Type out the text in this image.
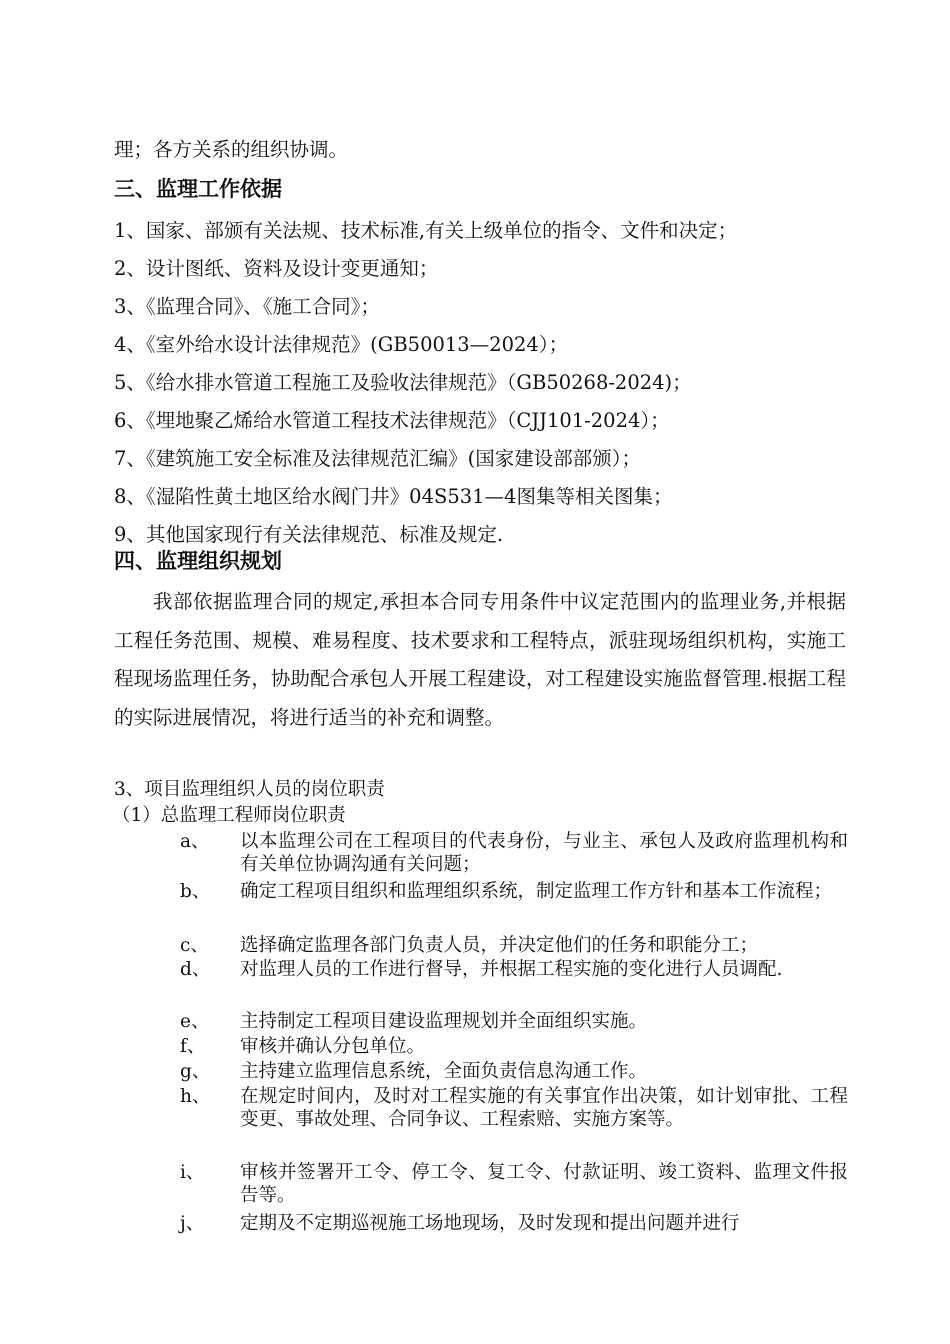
理；各方关系的组织协调。
三、监理工作依据
1、国家、部颁有关法规、技术标准,有关上级单位的指令、文件和决定；
2、设计图纸、资料及设计变更通知；
3、《监理合同》、《施工合同》；
4、《室外给水设计法律规范》(GB50013—2024）；
5、《给水排水管道工程施工及验收法律规范》（GB50268-2024)；
6、《埋地聚乙烯给水管道工程技术法律规范》（CJJ101-2024）；
7、《建筑施工安全标准及法律规范汇编》(国家建设部部颁）；
8、《湿陷性黄土地区给水阀门井》04S531—4图集等相关图集；
9、其他国家现行有关法律规范、标准及规定.
四、监理组织规划
我部依据监理合同的规定,承担本合同专用条件中议定范围内的监理业务,并根据工程任务范围、规模、难易程度、技术要求和工程特点，派驻现场组织机构，实施工程现场监理任务，协助配合承包人开展工程建设，对工程建设实施监督管理.根据工程的实际进展情况，将进行适当的补充和调整。
3、项目监理组织人员的岗位职责
（1）总监理工程师岗位职责
a、 以本监理公司在工程项目的代表身份，与业主、承包人及政府监理机构和有关单位协调沟通有关问题；
b、 确定工程项目组织和监理组织系统，制定监理工作方针和基本工作流程；
c、 选择确定监理各部门负责人员，并决定他们的任务和职能分工；
d、 对监理人员的工作进行督导，并根据工程实施的变化进行人员调配.
e、 主持制定工程项目建设监理规划并全面组织实施。
f、 审核并确认分包单位。
g、 主持建立监理信息系统，全面负责信息沟通工作。
h、 在规定时间内，及时对工程实施的有关事宜作出决策，如计划审批、工程变更、事故处理、合同争议、工程索赔、实施方案等。
i、 审核并签署开工令、停工令、复工令、付款证明、竣工资料、监理文件报告等。
j、 定期及不定期巡视施工场地现场，及时发现和提出问题并进行
